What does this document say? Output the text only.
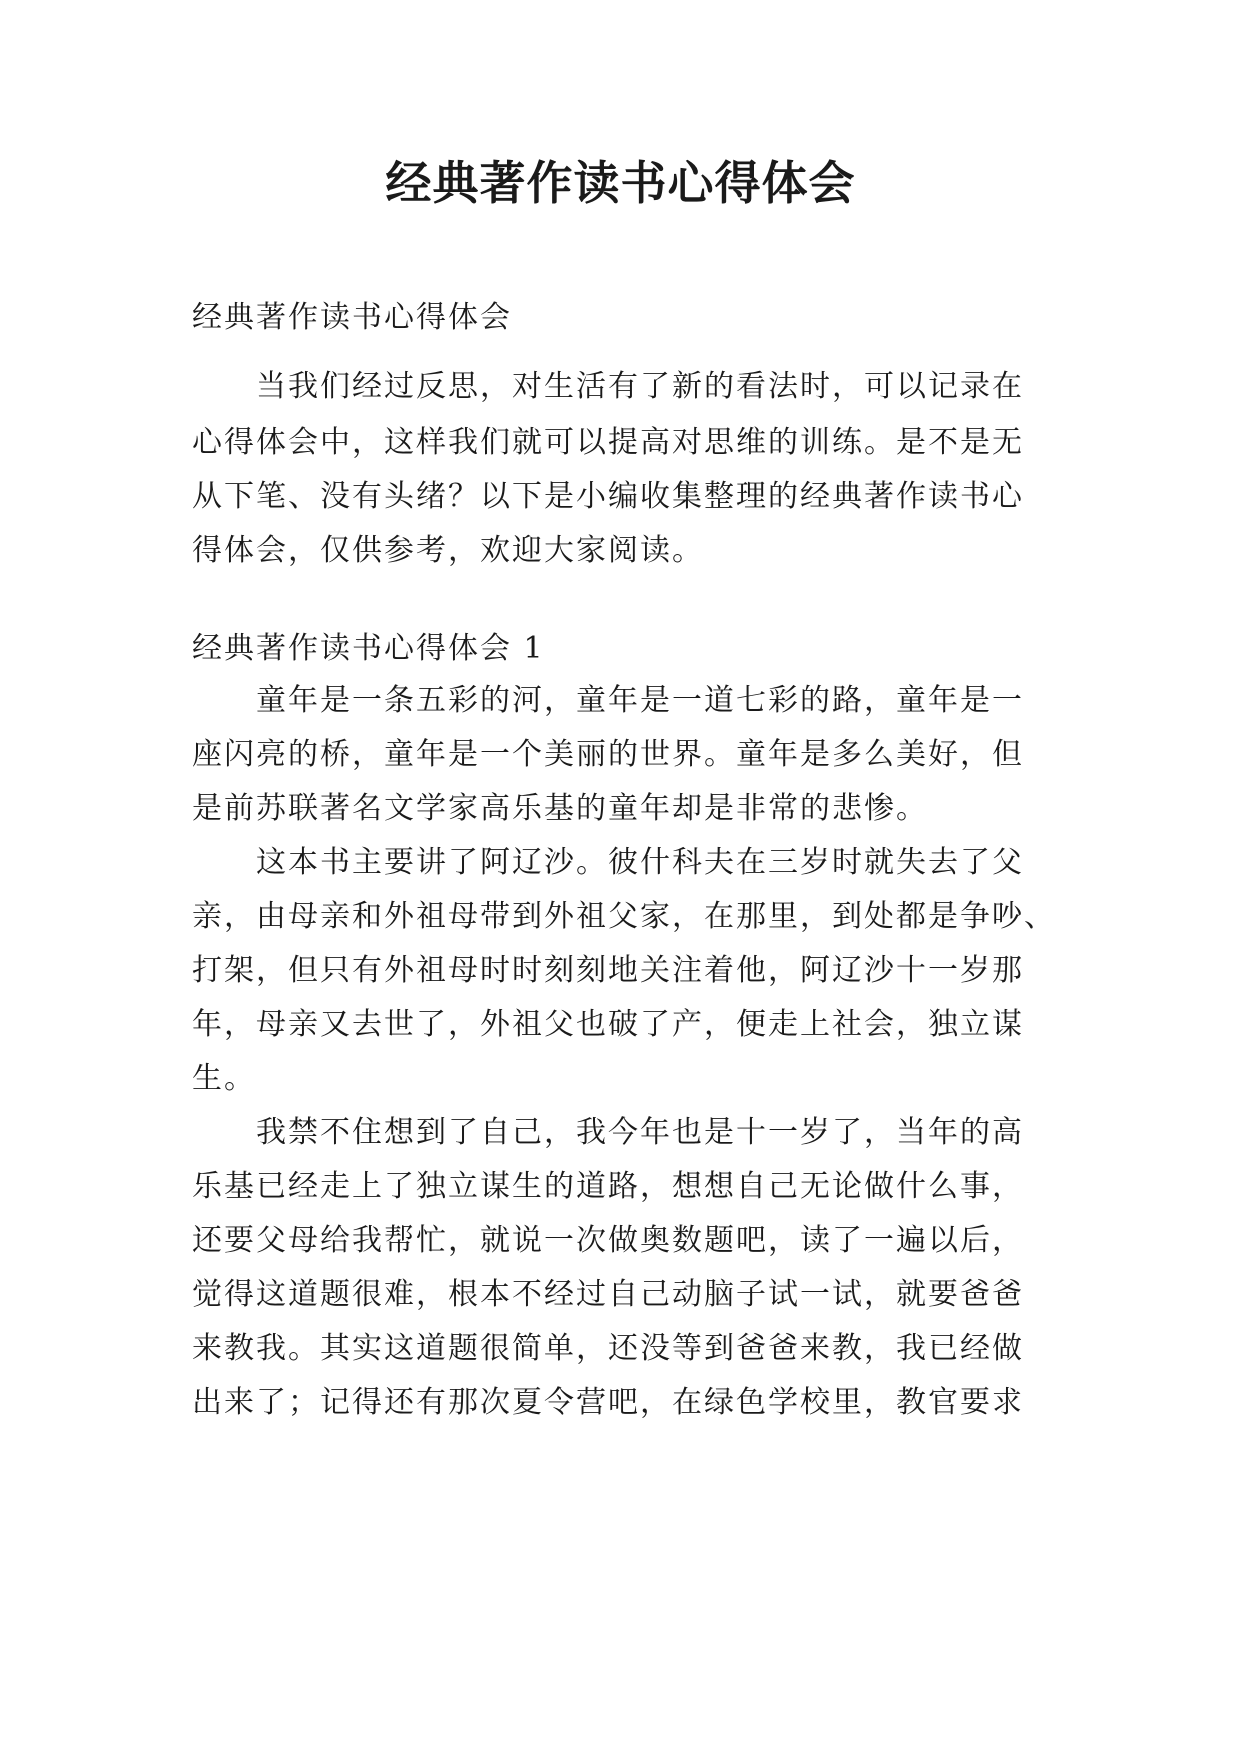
经典著作读书心得体会

经典著作读书心得体会

当我们经过反思，对生活有了新的看法时，可以记录在

心得体会中，这样我们就可以提高对思维的训练。是不是无

从下笔、没有头绪？以下是小编收集整理的经典著作读书心

得体会，仅供参考，欢迎大家阅读。

经典著作读书心得体会 1

童年是一条五彩的河，童年是一道七彩的路，童年是一

座闪亮的桥，童年是一个美丽的世界。童年是多么美好，但

是前苏联著名文学家高乐基的童年却是非常的悲惨。

这本书主要讲了阿辽沙。彼什科夫在三岁时就失去了父

亲，由母亲和外祖母带到外祖父家，在那里，到处都是争吵、

打架，但只有外祖母时时刻刻地关注着他，阿辽沙十一岁那

年，母亲又去世了，外祖父也破了产，便走上社会，独立谋

生。

我禁不住想到了自己，我今年也是十一岁了，当年的高

乐基已经走上了独立谋生的道路，想想自己无论做什么事，

还要父母给我帮忙，就说一次做奥数题吧，读了一遍以后，

觉得这道题很难，根本不经过自己动脑子试一试，就要爸爸

来教我。其实这道题很简单，还没等到爸爸来教，我已经做

出来了；记得还有那次夏令营吧，在绿色学校里，教官要求
